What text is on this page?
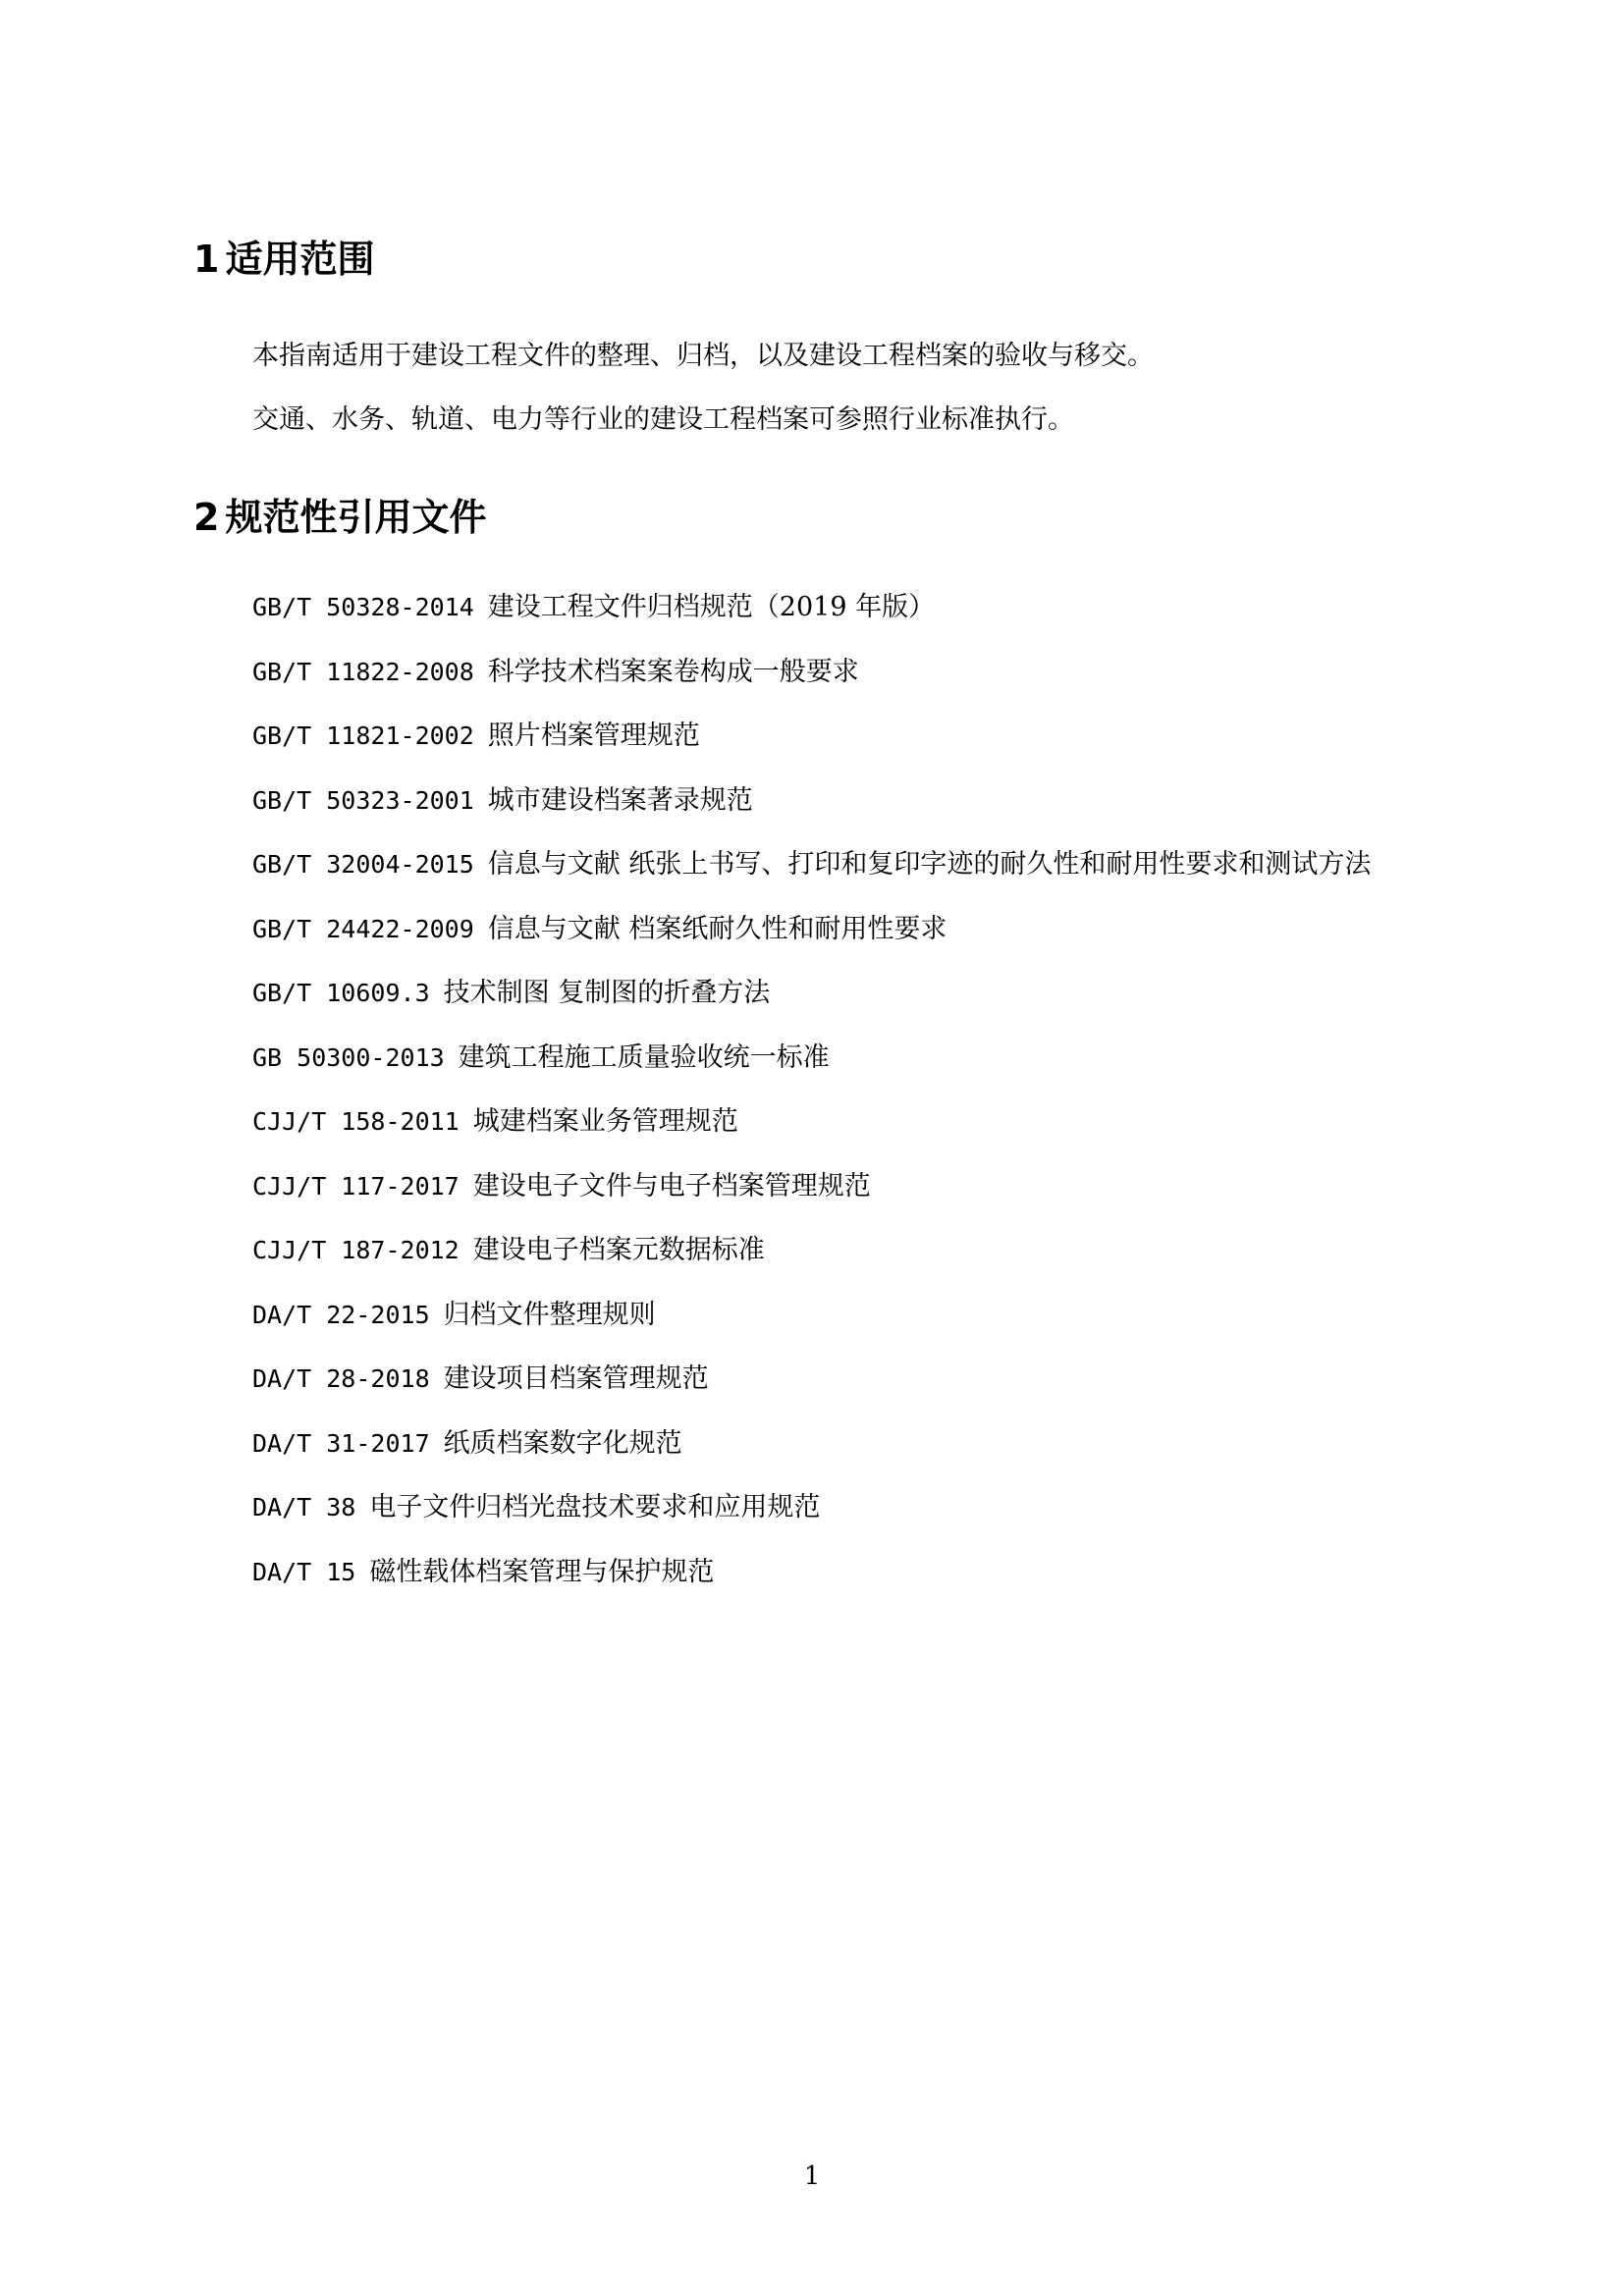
1 适用范围

本指南适用于建设工程文件的整理、归档，以及建设工程档案的验收与移交。

交通、水务、轨道、电力等行业的建设工程档案可参照行业标准执行。

2 规范性引用文件
GB/T 50328-2014 建设工程文件归档规范（2019 年版）
GB/T 11822-2008 科学技术档案案卷构成一般要求
GB/T 11821-2002 照片档案管理规范
GB/T 50323-2001 城市建设档案著录规范
GB/T 32004-2015 信息与文献 纸张上书写、打印和复印字迹的耐久性和耐用性要求和测试方法
GB/T 24422-2009 信息与文献 档案纸耐久性和耐用性要求
GB/T 10609.3 技术制图 复制图的折叠方法
GB 50300-2013 建筑工程施工质量验收统一标准
CJJ/T 158-2011 城建档案业务管理规范
CJJ/T 117-2017 建设电子文件与电子档案管理规范
CJJ/T 187-2012 建设电子档案元数据标准
DA/T 22-2015 归档文件整理规则
DA/T 28-2018 建设项目档案管理规范
DA/T 31-2017 纸质档案数字化规范
DA/T 38 电子文件归档光盘技术要求和应用规范
DA/T 15 磁性载体档案管理与保护规范
1
